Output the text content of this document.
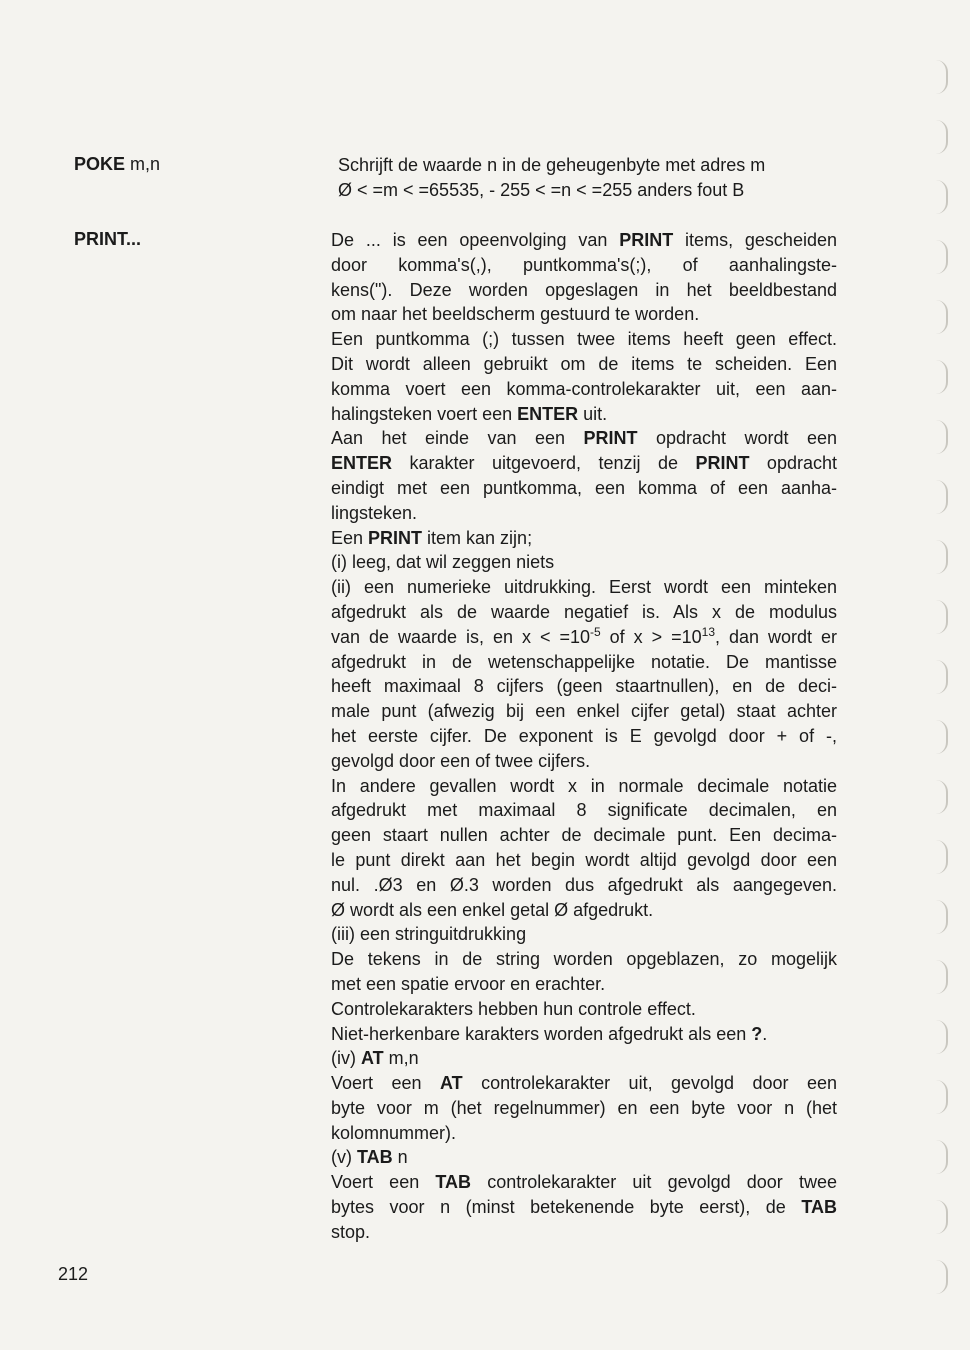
POKE m,n	Schrijft de waarde n in de geheugenbyte met adres m
Ø < =m < =65535, - 255 < =n < =255 anders fout B
PRINT...	De ... is een opeenvolging van PRINT items, gescheiden
door komma's(,), puntkomma's(;), of aanhalingste-
kens("). Deze worden opgeslagen in het beeldbestand
om naar het beeldscherm gestuurd te worden.
Een puntkomma (;) tussen twee items heeft geen effect.
Dit wordt alleen gebruikt om de items te scheiden. Een
komma voert een komma-controlekarakter uit, een aan-
halingsteken voert een ENTER uit.
Aan het einde van een PRINT opdracht wordt een
ENTER karakter uitgevoerd, tenzij de PRINT opdracht
eindigt met een puntkomma, een komma of een aanha-
lingsteken.
Een PRINT item kan zijn;
(i) leeg, dat wil zeggen niets
(ii) een numerieke uitdrukking. Eerst wordt een minteken
afgedrukt als de waarde negatief is. Als x de modulus
van de waarde is, en $x < =10^{-5}$ of $x > =10^{13}$, dan wordt er
afgedrukt in de wetenschappelijke notatie. De mantisse
heeft maximaal 8 cijfers (geen staartnullen), en de deci-
male punt (afwezig bij een enkel cijfer getal) staat achter
het eerste cijfer. De exponent is E gevolgd door + of -,
gevolgd door een of twee cijfers.
In andere gevallen wordt x in normale decimale notatie
afgedrukt met maximaal 8 significate decimalen, en
geen staart nullen achter de decimale punt. Een decima-
le punt direkt aan het begin wordt altijd gevolgd door een
nul. .Ø3 en Ø.3 worden dus afgedrukt als aangegeven.
Ø wordt als een enkel getal Ø afgedrukt.
(iii) een stringuitdrukking
De tekens in de string worden opgeblazen, zo mogelijk
met een spatie ervoor en erachter.
Controlekarakters hebben hun controle effect.
Niet-herkenbare karakters worden afgedrukt als een ?.
(iv) AT m,n
Voert een AT controlekarakter uit, gevolgd door een
byte voor m (het regelnummer) en een byte voor n (het
kolomnummer).
(v) TAB n
Voert een TAB controlekarakter uit gevolgd door twee
bytes voor n (minst betekenende byte eerst), de TAB
stop.
212
